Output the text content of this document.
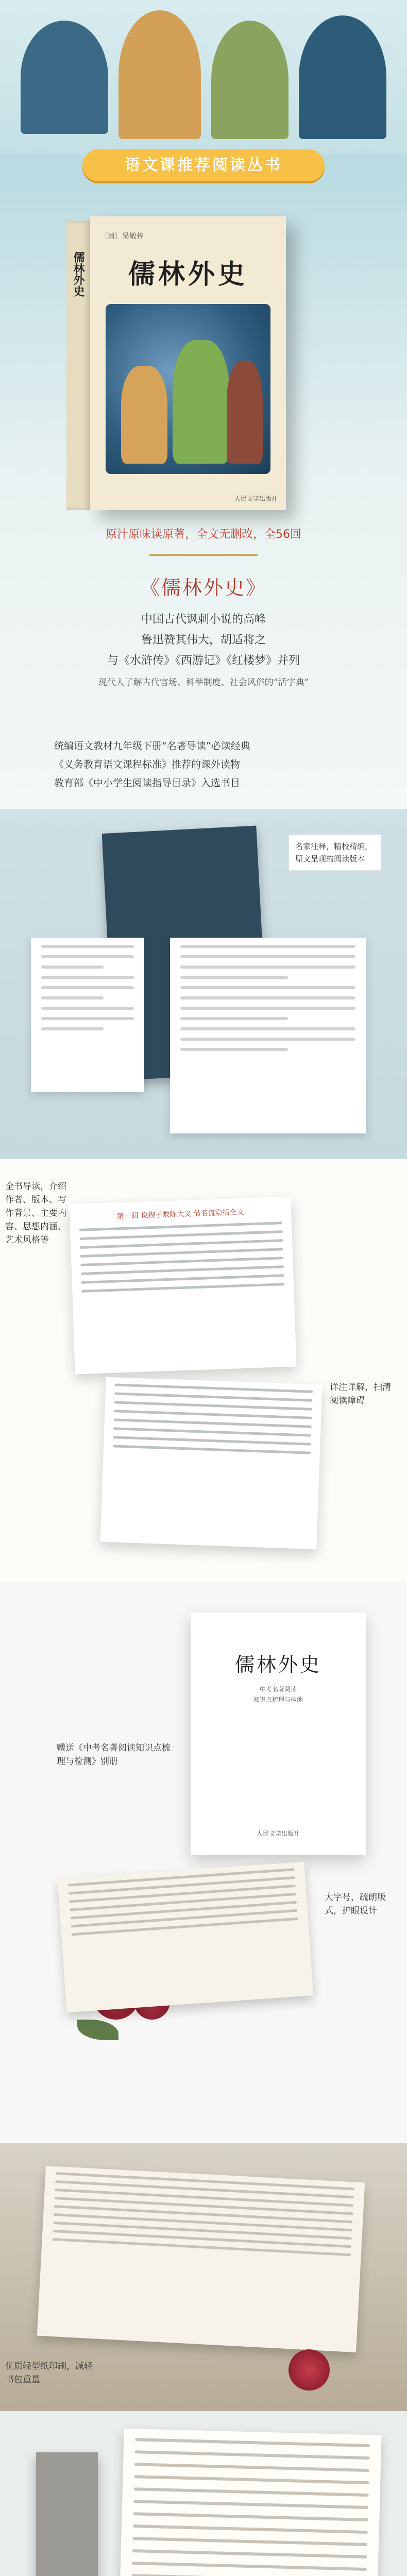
语文课推荐阅读丛书
儒林外史
〔清〕吴敬梓
儒林外史
人民文学出版社
原汁原味读原著，全文无删改，全56回
《儒林外史》
中国古代讽刺小说的高峰
鲁迅赞其伟大，胡适将之
与《水浒传》《西游记》《红楼梦》并列
现代人了解古代官场、科举制度、社会风俗的“活字典”
统编语文教材九年级下册“名著导读”必读经典
《义务教育语文课程标准》推荐的课外读物
教育部《中小学生阅读指导目录》入选书目
名家注释，精校精编，原文呈现的阅读版本
全书导读，介绍作者、版本、写作背景、主要内容、思想内涵、艺术风格等
第一回 说楔子敷陈大义 借名流隐括全文
详注详解，扫清阅读障碍
儒林外史
中考名著阅读
知识点梳理与检测
人民文学出版社
赠送《中考名著阅读知识点梳理与检测》别册
大字号，疏朗版式，护眼设计
优质轻型纸印刷，减轻书包重量
